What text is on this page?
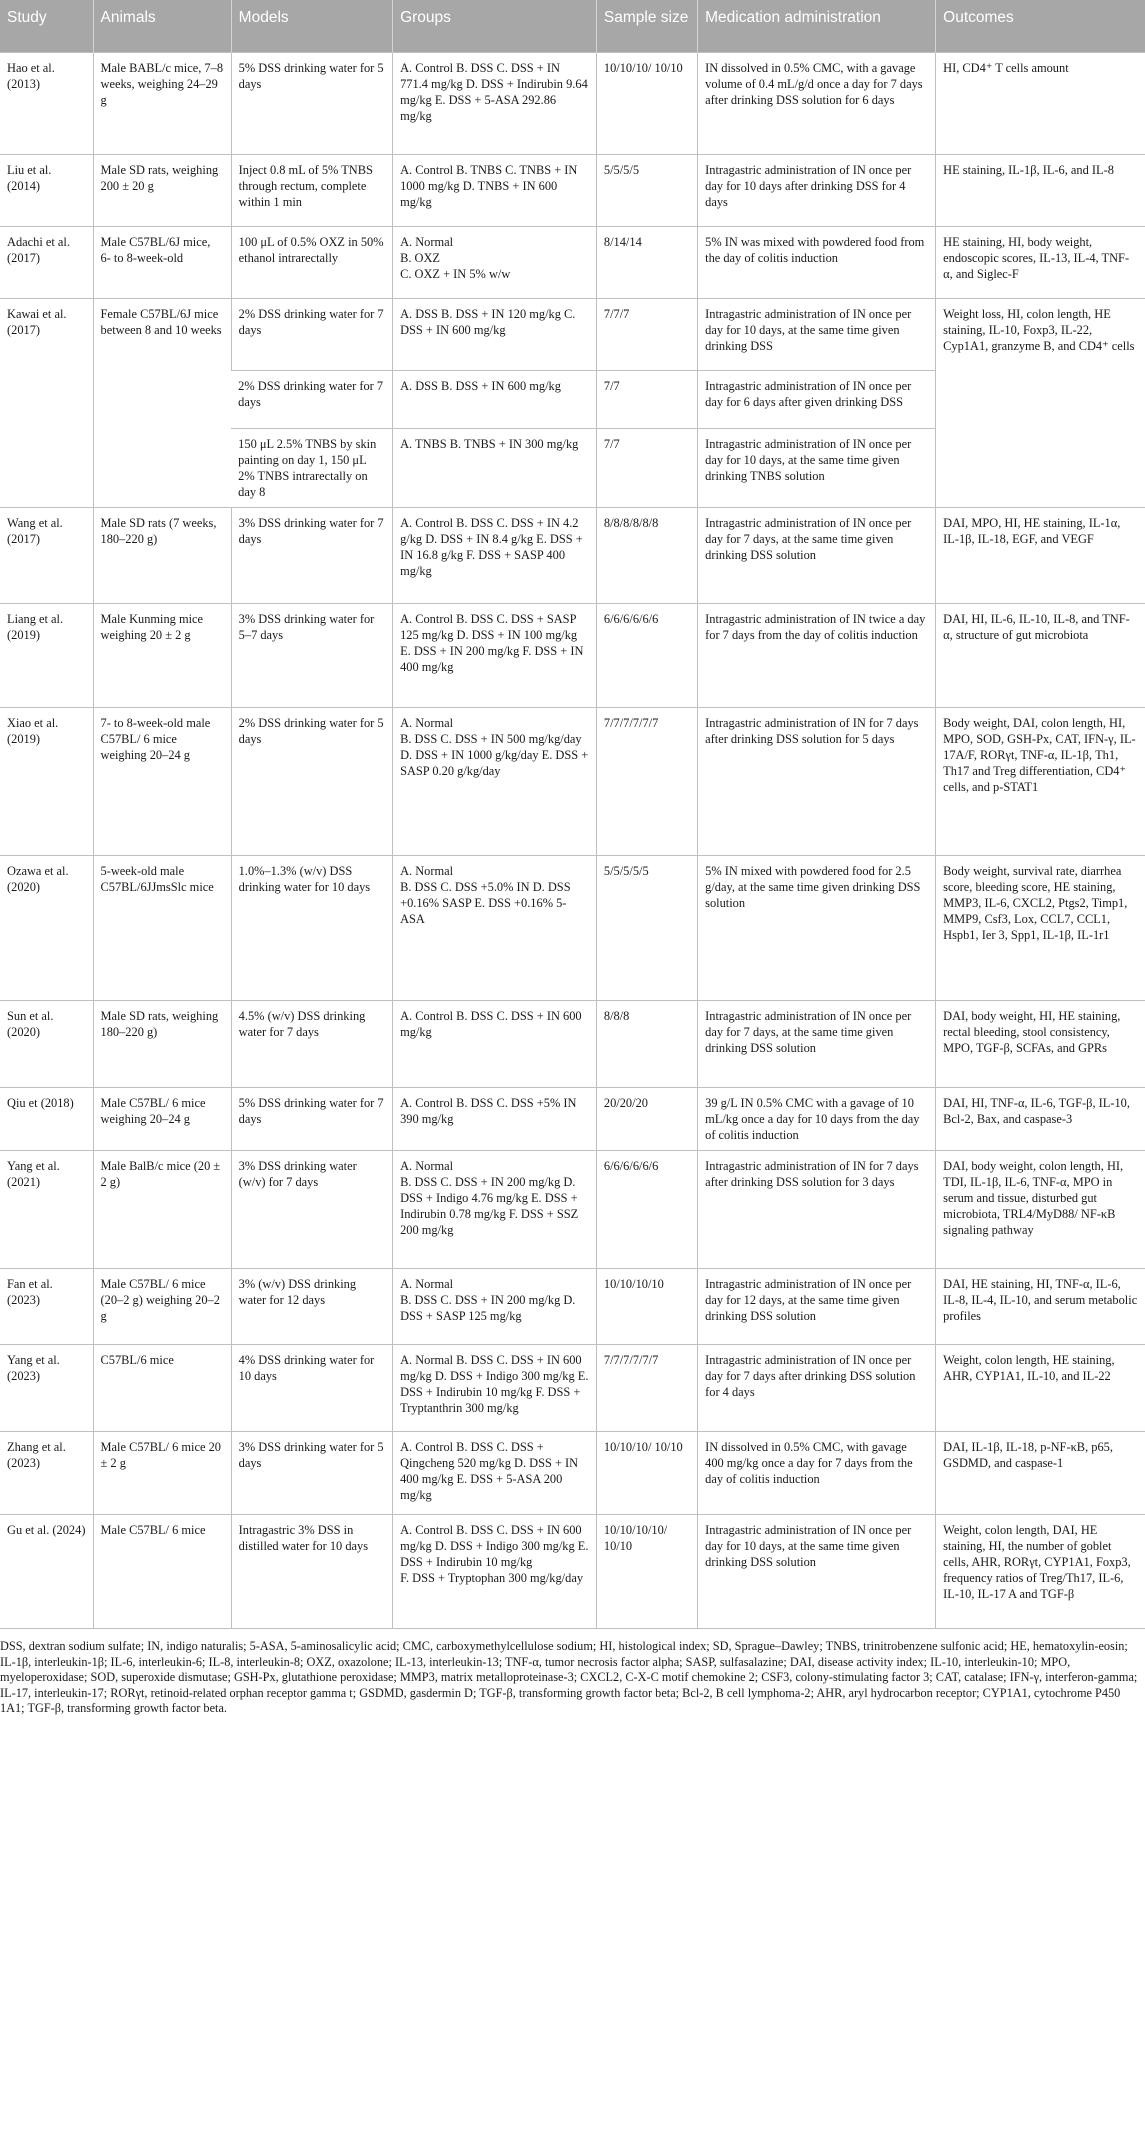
Study	Animals	Models	Groups	Sample size	Medication administration	Outcomes
Hao et al. (2013)	Male BABL/c mice, 7–8 weeks, weighing 24–29 g	5% DSS drinking water for 5 days	A. Control B. DSS C. DSS + IN 771.4 mg/kg D. DSS + Indirubin 9.64 mg/kg E. DSS + 5-ASA 292.86 mg/kg	10/10/10/ 10/10	IN dissolved in 0.5% CMC, with a gavage volume of 0.4 mL/g/d once a day for 7 days after drinking DSS solution for 6 days	HI, CD4⁺ T cells amount
Liu et al. (2014)	Male SD rats, weighing 200 ± 20 g	Inject 0.8 mL of 5% TNBS through rectum, complete within 1 min	A. Control B. TNBS C. TNBS + IN 1000 mg/kg D. TNBS + IN 600 mg/kg	5/5/5/5	Intragastric administration of IN once per day for 10 days after drinking DSS for 4 days	HE staining, IL-1β, IL-6, and IL-8
Adachi et al. (2017)	Male C57BL/6J mice, 6- to 8-week-old	100 μL of 0.5% OXZ in 50% ethanol intrarectally	A. Normal
B. OXZ
C. OXZ + IN 5% w/w	8/14/14	5% IN was mixed with powdered food from the day of colitis induction	HE staining, HI, body weight, endoscopic scores, IL-13, IL-4, TNF-α, and Siglec-F
Kawai et al. (2017)	Female C57BL/6J mice between 8 and 10 weeks	2% DSS drinking water for 7 days	A. DSS B. DSS + IN 120 mg/kg C. DSS + IN 600 mg/kg	7/7/7	Intragastric administration of IN once per day for 10 days, at the same time given drinking DSS	Weight loss, HI, colon length, HE staining, IL-10, Foxp3, IL-22, Cyp1A1, granzyme B, and CD4⁺ cells
		2% DSS drinking water for 7 days	A. DSS B. DSS + IN 600 mg/kg	7/7	Intragastric administration of IN once per day for 6 days after given drinking DSS	
		150 μL 2.5% TNBS by skin painting on day 1, 150 μL 2% TNBS intrarectally on day 8	A. TNBS B. TNBS + IN 300 mg/kg	7/7	Intragastric administration of IN once per day for 10 days, at the same time given drinking TNBS solution	
Wang et al. (2017)	Male SD rats (7 weeks, 180–220 g)	3% DSS drinking water for 7 days	A. Control B. DSS C. DSS + IN 4.2 g/kg D. DSS + IN 8.4 g/kg E. DSS + IN 16.8 g/kg F. DSS + SASP 400 mg/kg	8/8/8/8/8/8	Intragastric administration of IN once per day for 7 days, at the same time given drinking DSS solution	DAI, MPO, HI, HE staining, IL-1α, IL-1β, IL-18, EGF, and VEGF
Liang et al. (2019)	Male Kunming mice weighing 20 ± 2 g	3% DSS drinking water for 5–7 days	A. Control B. DSS C. DSS + SASP 125 mg/kg D. DSS + IN 100 mg/kg E. DSS + IN 200 mg/kg F. DSS + IN 400 mg/kg	6/6/6/6/6/6	Intragastric administration of IN twice a day for 7 days from the day of colitis induction	DAI, HI, IL-6, IL-10, IL-8, and TNF-α, structure of gut microbiota
Xiao et al. (2019)	7- to 8-week-old male C57BL/ 6 mice weighing 20–24 g	2% DSS drinking water for 5 days	A. Normal
B. DSS C. DSS + IN 500 mg/kg/day D. DSS + IN 1000 g/kg/day E. DSS + SASP 0.20 g/kg/day	7/7/7/7/7/7	Intragastric administration of IN for 7 days after drinking DSS solution for 5 days	Body weight, DAI, colon length, HI, MPO, SOD, GSH-Px, CAT, IFN-γ, IL-17A/F, RORγt, TNF-α, IL-1β, Th1, Th17 and Treg differentiation, CD4⁺ cells, and p-STAT1
Ozawa et al. (2020)	5-week-old male C57BL/6JJmsSlc mice	1.0%–1.3% (w/v) DSS drinking water for 10 days	A. Normal
B. DSS C. DSS +5.0% IN D. DSS +0.16% SASP E. DSS +0.16% 5-ASA	5/5/5/5/5	5% IN mixed with powdered food for 2.5 g/day, at the same time given drinking DSS solution	Body weight, survival rate, diarrhea score, bleeding score, HE staining, MMP3, IL-6, CXCL2, Ptgs2, Timp1, MMP9, Csf3, Lox, CCL7, CCL1, Hspb1, Ier 3, Spp1, IL-1β, IL-1r1
Sun et al. (2020)	Male SD rats, weighing 180–220 g)	4.5% (w/v) DSS drinking water for 7 days	A. Control B. DSS C. DSS + IN 600 mg/kg	8/8/8	Intragastric administration of IN once per day for 7 days, at the same time given drinking DSS solution	DAI, body weight, HI, HE staining, rectal bleeding, stool consistency, MPO, TGF-β, SCFAs, and GPRs
Qiu et (2018)	Male C57BL/ 6 mice weighing 20–24 g	5% DSS drinking water for 7 days	A. Control B. DSS C. DSS +5% IN 390 mg/kg	20/20/20	39 g/L IN 0.5% CMC with a gavage of 10 mL/kg once a day for 10 days from the day of colitis induction	DAI, HI, TNF-α, IL-6, TGF-β, IL-10, Bcl-2, Bax, and caspase-3
Yang et al. (2021)	Male BalB/c mice (20 ± 2 g)	3% DSS drinking water (w/v) for 7 days	A. Normal
B. DSS C. DSS + IN 200 mg/kg D. DSS + Indigo 4.76 mg/kg E. DSS + Indirubin 0.78 mg/kg F. DSS + SSZ 200 mg/kg	6/6/6/6/6/6	Intragastric administration of IN for 7 days after drinking DSS solution for 3 days	DAI, body weight, colon length, HI, TDI, IL-1β, IL-6, TNF-α, MPO in serum and tissue, disturbed gut microbiota, TRL4/MyD88/ NF-κB signaling pathway
Fan et al. (2023)	Male C57BL/ 6 mice (20–2 g) weighing 20–2 g	3% (w/v) DSS drinking water for 12 days	A. Normal
B. DSS C. DSS + IN 200 mg/kg D. DSS + SASP 125 mg/kg	10/10/10/10	Intragastric administration of IN once per day for 12 days, at the same time given drinking DSS solution	DAI, HE staining, HI, TNF-α, IL-6, IL-8, IL-4, IL-10, and serum metabolic profiles
Yang et al. (2023)	C57BL/6 mice	4% DSS drinking water for 10 days	A. Normal B. DSS C. DSS + IN 600 mg/kg D. DSS + Indigo 300 mg/kg E. DSS + Indirubin 10 mg/kg F. DSS + Tryptanthrin 300 mg/kg	7/7/7/7/7/7	Intragastric administration of IN once per day for 7 days after drinking DSS solution for 4 days	Weight, colon length, HE staining, AHR, CYP1A1, IL-10, and IL-22
Zhang et al. (2023)	Male C57BL/ 6 mice 20 ± 2 g	3% DSS drinking water for 5 days	A. Control B. DSS C. DSS + Qingcheng 520 mg/kg D. DSS + IN 400 mg/kg E. DSS + 5-ASA 200 mg/kg	10/10/10/ 10/10	IN dissolved in 0.5% CMC, with gavage 400 mg/kg once a day for 7 days from the day of colitis induction	DAI, IL-1β, IL-18, p-NF-κB, p65, GSDMD, and caspase-1
Gu et al. (2024)	Male C57BL/ 6 mice	Intragastric 3% DSS in distilled water for 10 days	A. Control B. DSS C. DSS + IN 600 mg/kg D. DSS + Indigo 300 mg/kg E. DSS + Indirubin 10 mg/kg
F. DSS + Tryptophan 300 mg/kg/day	10/10/10/10/ 10/10	Intragastric administration of IN once per day for 10 days, at the same time given drinking DSS solution	Weight, colon length, DAI, HE staining, HI, the number of goblet cells, AHR, RORγt, CYP1A1, Foxp3, frequency ratios of Treg/Th17, IL-6, IL-10, IL-17 A and TGF-β

DSS, dextran sodium sulfate; IN, indigo naturalis; 5-ASA, 5-aminosalicylic acid; CMC, carboxymethylcellulose sodium; HI, histological index; SD, Sprague–Dawley; TNBS, trinitrobenzene sulfonic acid; HE, hematoxylin-eosin; IL-1β, interleukin-1β; IL-6, interleukin-6; IL-8, interleukin-8; OXZ, oxazolone; IL-13, interleukin-13; TNF-α, tumor necrosis factor alpha; SASP, sulfasalazine; DAI, disease activity index; IL-10, interleukin-10; MPO, myeloperoxidase; SOD, superoxide dismutase; GSH-Px, glutathione peroxidase; MMP3, matrix metalloproteinase-3; CXCL2, C-X-C motif chemokine 2; CSF3, colony-stimulating factor 3; CAT, catalase; IFN-γ, interferon-gamma; IL-17, interleukin-17; RORγt, retinoid-related orphan receptor gamma t; GSDMD, gasdermin D; TGF-β, transforming growth factor beta; Bcl-2, B cell lymphoma-2; AHR, aryl hydrocarbon receptor; CYP1A1, cytochrome P450 1A1; TGF-β, transforming growth factor beta.
